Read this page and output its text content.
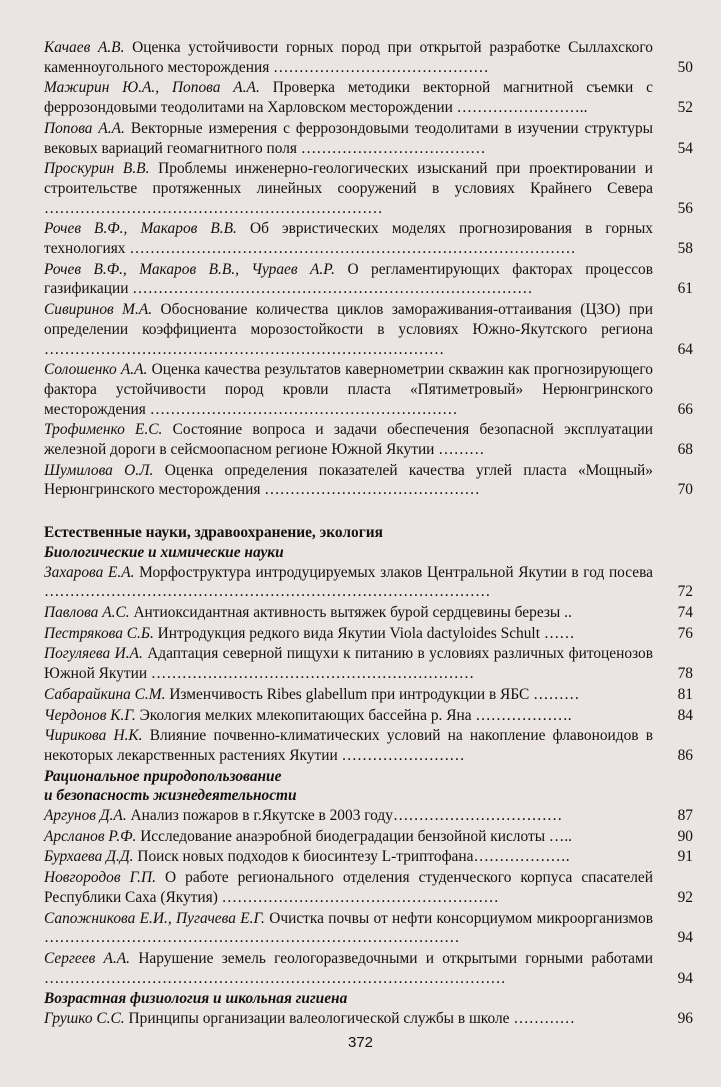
Качаев А.В. Оценка устойчивости горных пород при открытой разработке Сыллахского каменноугольного месторождения ……………………………………	50
Мажирин Ю.А., Попова А.А. Проверка методики векторной магнитной съемки с феррозондовыми теодолитами на Харловском месторождении ……………………..	52
Попова А.А. Векторные измерения с феррозондовыми теодолитами в изучении структуры вековых вариаций геомагнитного поля ………………………………	54
Проскурин В.В. Проблемы инженерно-геологических изысканий при проектировании и строительстве протяженных линейных сооружений в условиях Крайнего Севера …………………………………………………………	56
Рочев В.Ф., Макаров В.В. Об эвристических моделях прогнозирования в горных технологиях ……………………………………………………………………………	58
Рочев В.Ф., Макаров В.В., Чураев А.Р. О регламентирующих факторах процессов газификации ……………………………………………………………………	61
Сивиринов М.А. Обоснование количества циклов замораживания-оттаивания (ЦЗО) при определении коэффициента морозостойкости в условиях Южно-Якутского региона ……………………………………………………………………	64
Солошенко А.А. Оценка качества результатов кавернометрии скважин как прогнозирующего фактора устойчивости пород кровли пласта «Пятиметровый» Нерюнгринского месторождения ……………………………………………………	66
Трофименко Е.С. Состояние вопроса и задачи обеспечения безопасной эксплуатации железной дороги в сейсмоопасном регионе Южной Якутии ………	68
Шумилова О.Л. Оценка определения показателей качества углей пласта «Мощный» Нерюнгринского месторождения ……………………………………	70
Естественные науки, здравоохранение, экология
Биологические и химические науки
Захарова Е.А. Морфоструктура интродуцируемых злаков Центральной Якутии в год посева ……………………………………………………………………………	72
Павлова А.С. Антиоксидантная активность вытяжек бурой сердцевины березы ..	74
Пестрякова С.Б. Интродукция редкого вида Якутии Viola dactyloides Schult ……	76
Погуляева И.А. Адаптация северной пищухи к питанию в условиях различных фитоценозов Южной Якутии ………………………………………………………	78
Сабарайкина С.М. Изменчивость Ribes glabellum при интродукции в ЯБС ………	81
Чердонов К.Г. Экология мелких млекопитающих бассейна р. Яна ……………….	84
Чирикова Н.К. Влияние почвенно-климатических условий на накопление флавоноидов в некоторых лекарственных растениях Якутии ……………………	86
Рациональное природопользование
и безопасность жизнедеятельности
Аргунов Д.А. Анализ пожаров в г.Якутске в 2003 году……………………………	87
Арсланов Р.Ф. Исследование анаэробной биодеградации бензойной кислоты …..	90
Бурхаева Д.Д. Поиск новых подходов к биосинтезу L-триптофана……………….	91
Новгородов Г.П. О работе регионального отделения студенческого корпуса спасателей Республики Саха (Якутия) ………………………………………………	92
Сапожникова Е.И., Пугачева Е.Г. Очистка почвы от нефти консорциумом микроорганизмов ………………………………………………………………………	94
Сергеев А.А. Нарушение земель геологоразведочными и открытыми горными работами ………………………………………………………………………………	94
Возрастная физиология и школьная гигиена
Грушко С.С. Принципы организации валеологической службы в школе …………	96
372
